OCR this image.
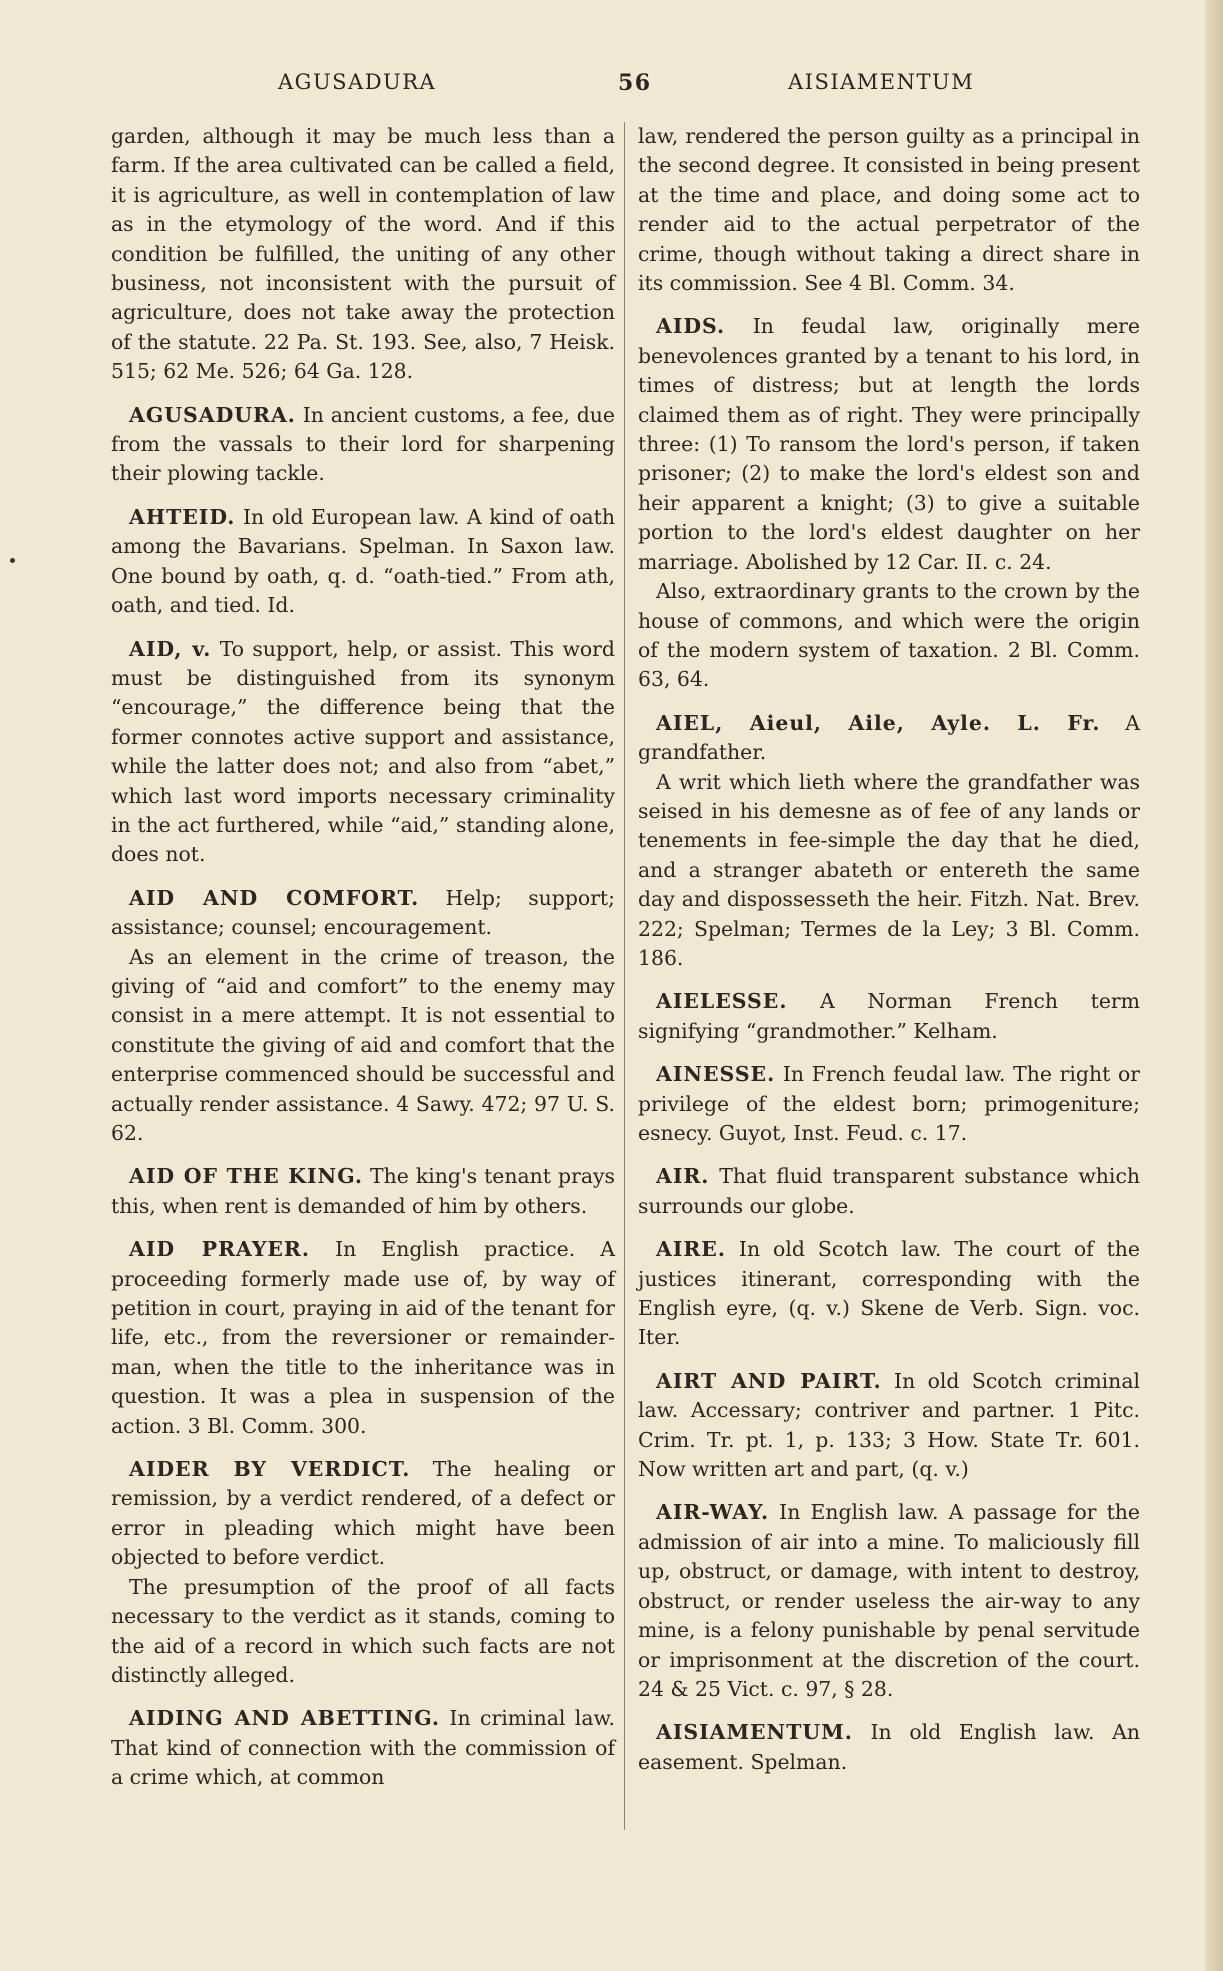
AGUSADURA	56	AISIAMENTUM

garden, although it may be much less than a farm. If the area cultivated can be called a field, it is agriculture, as well in contemplation of law as in the etymology of the word. And if this condition be fulfilled, the uniting of any other business, not inconsistent with the pursuit of agriculture, does not take away the protection of the statute. 22 Pa. St. 193. See, also, 7 Heisk. 515; 62 Me. 526; 64 Ga. 128.

AGUSADURA. In ancient customs, a fee, due from the vassals to their lord for sharpening their plowing tackle.

AHTEID. In old European law. A kind of oath among the Bavarians. Spelman. In Saxon law. One bound by oath, q. d. “oath-tied.” From ath, oath, and tied. Id.

AID, v. To support, help, or assist. This word must be distinguished from its synonym “encourage,” the difference being that the former connotes active support and assistance, while the latter does not; and also from “abet,” which last word imports necessary criminality in the act furthered, while “aid,” standing alone, does not.

AID AND COMFORT. Help; support; assistance; counsel; encouragement.

As an element in the crime of treason, the giving of “aid and comfort” to the enemy may consist in a mere attempt. It is not essential to constitute the giving of aid and comfort that the enterprise commenced should be successful and actually render assistance. 4 Sawy. 472; 97 U. S. 62.

AID OF THE KING. The king's tenant prays this, when rent is demanded of him by others.

AID PRAYER. In English practice. A proceeding formerly made use of, by way of petition in court, praying in aid of the tenant for life, etc., from the reversioner or remainder-man, when the title to the inheritance was in question. It was a plea in suspension of the action. 3 Bl. Comm. 300.

AIDER BY VERDICT. The healing or remission, by a verdict rendered, of a defect or error in pleading which might have been objected to before verdict.

The presumption of the proof of all facts necessary to the verdict as it stands, coming to the aid of a record in which such facts are not distinctly alleged.

AIDING AND ABETTING. In criminal law. That kind of connection with the commission of a crime which, at common

law, rendered the person guilty as a principal in the second degree. It consisted in being present at the time and place, and doing some act to render aid to the actual perpetrator of the crime, though without taking a direct share in its commission. See 4 Bl. Comm. 34.

AIDS. In feudal law, originally mere benevolences granted by a tenant to his lord, in times of distress; but at length the lords claimed them as of right. They were principally three: (1) To ransom the lord's person, if taken prisoner; (2) to make the lord's eldest son and heir apparent a knight; (3) to give a suitable portion to the lord's eldest daughter on her marriage. Abolished by 12 Car. II. c. 24.

Also, extraordinary grants to the crown by the house of commons, and which were the origin of the modern system of taxation. 2 Bl. Comm. 63, 64.

AIEL, Aieul, Aile, Ayle. L. Fr. A grandfather.

A writ which lieth where the grandfather was seised in his demesne as of fee of any lands or tenements in fee-simple the day that he died, and a stranger abateth or entereth the same day and dispossesseth the heir. Fitzh. Nat. Brev. 222; Spelman; Termes de la Ley; 3 Bl. Comm. 186.

AIELESSE. A Norman French term signifying “grandmother.” Kelham.

AINESSE. In French feudal law. The right or privilege of the eldest born; primogeniture; esnecy. Guyot, Inst. Feud. c. 17.

AIR. That fluid transparent substance which surrounds our globe.

AIRE. In old Scotch law. The court of the justices itinerant, corresponding with the English eyre, (q. v.) Skene de Verb. Sign. voc. Iter.

AIRT AND PAIRT. In old Scotch criminal law. Accessary; contriver and partner. 1 Pitc. Crim. Tr. pt. 1, p. 133; 3 How. State Tr. 601. Now written art and part, (q. v.)

AIR-WAY. In English law. A passage for the admission of air into a mine. To maliciously fill up, obstruct, or damage, with intent to destroy, obstruct, or render useless the air-way to any mine, is a felony punishable by penal servitude or imprisonment at the discretion of the court. 24 & 25 Vict. c. 97, § 28.

AISIAMENTUM. In old English law. An easement. Spelman.
